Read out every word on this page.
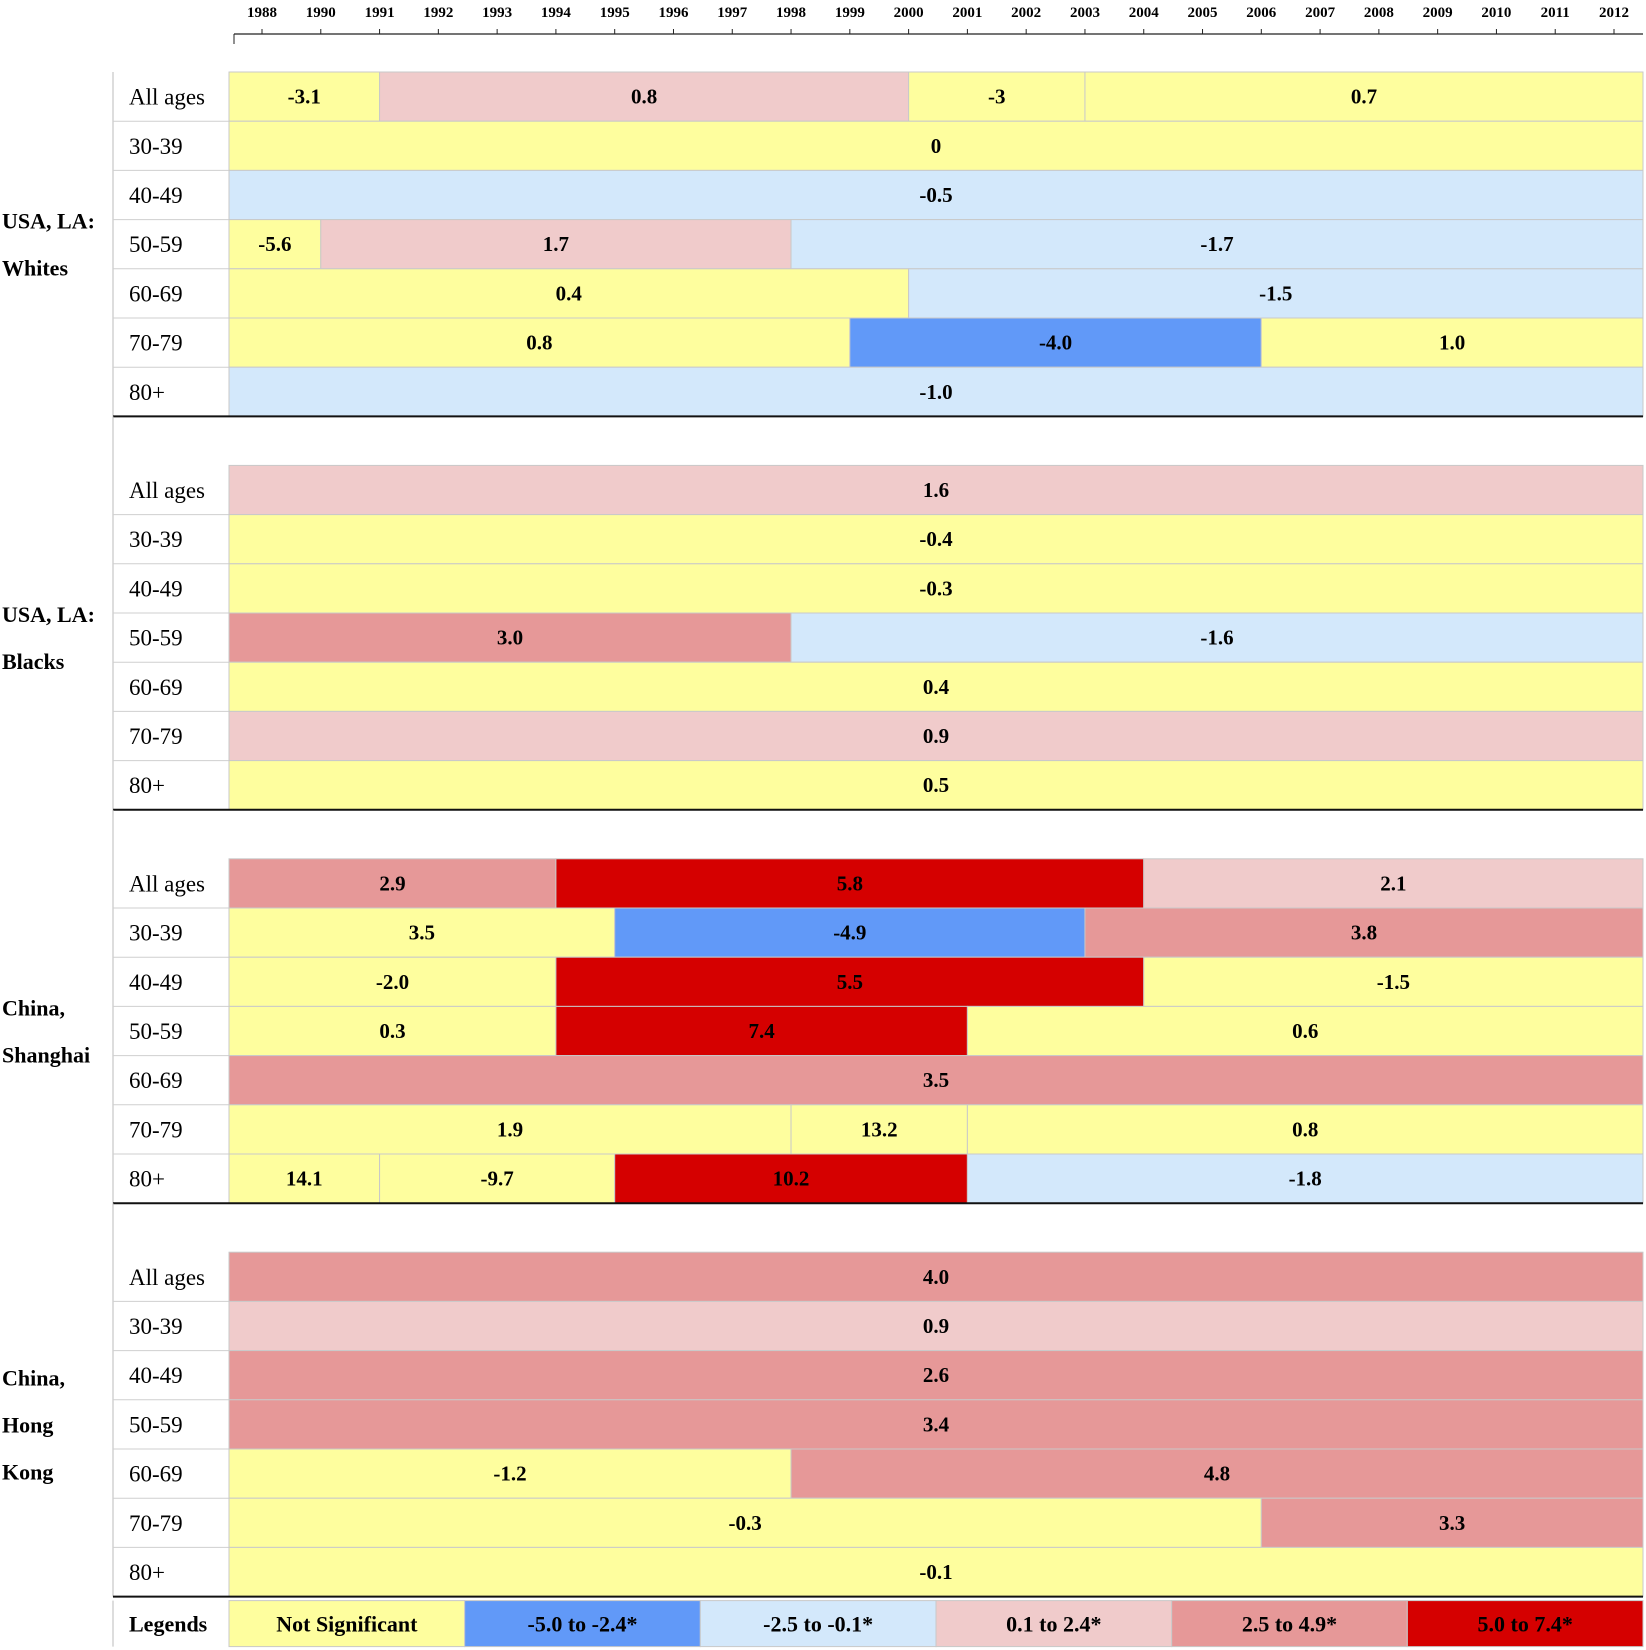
1988 1990 1991 1992 1993 1994 1995 1996 1997 1998 1999 2000 2001 2002 2003 2004 2005 2006 2007 2008 2009 2010 2011 2012
USA, LA:
Whites
All ages	-3.1	0.8	-3	0.7
30-39	0
40-49	-0.5
50-59	-5.6	1.7	-1.7
60-69	0.4	-1.5
70-79	0.8	-4.0	1.0
80+	-1.0
USA, LA:
Blacks
All ages	1.6
30-39	-0.4
40-49	-0.3
50-59	3.0	-1.6
60-69	0.4
70-79	0.9
80+	0.5
China,
Shanghai
All ages	2.9	5.8	2.1
30-39	3.5	-4.9	3.8
40-49	-2.0	5.5	-1.5
50-59	0.3	7.4	0.6
60-69	3.5
70-79	1.9	13.2	0.8
80+	14.1	-9.7	10.2	-1.8
China,
Hong
Kong
All ages	4.0
30-39	0.9
40-49	2.6
50-59	3.4
60-69	-1.2	4.8
70-79	-0.3	3.3
80+	-0.1
Legends	Not Significant	-5.0 to -2.4*	-2.5 to -0.1*	0.1 to 2.4*	2.5 to 4.9*	5.0 to 7.4*
